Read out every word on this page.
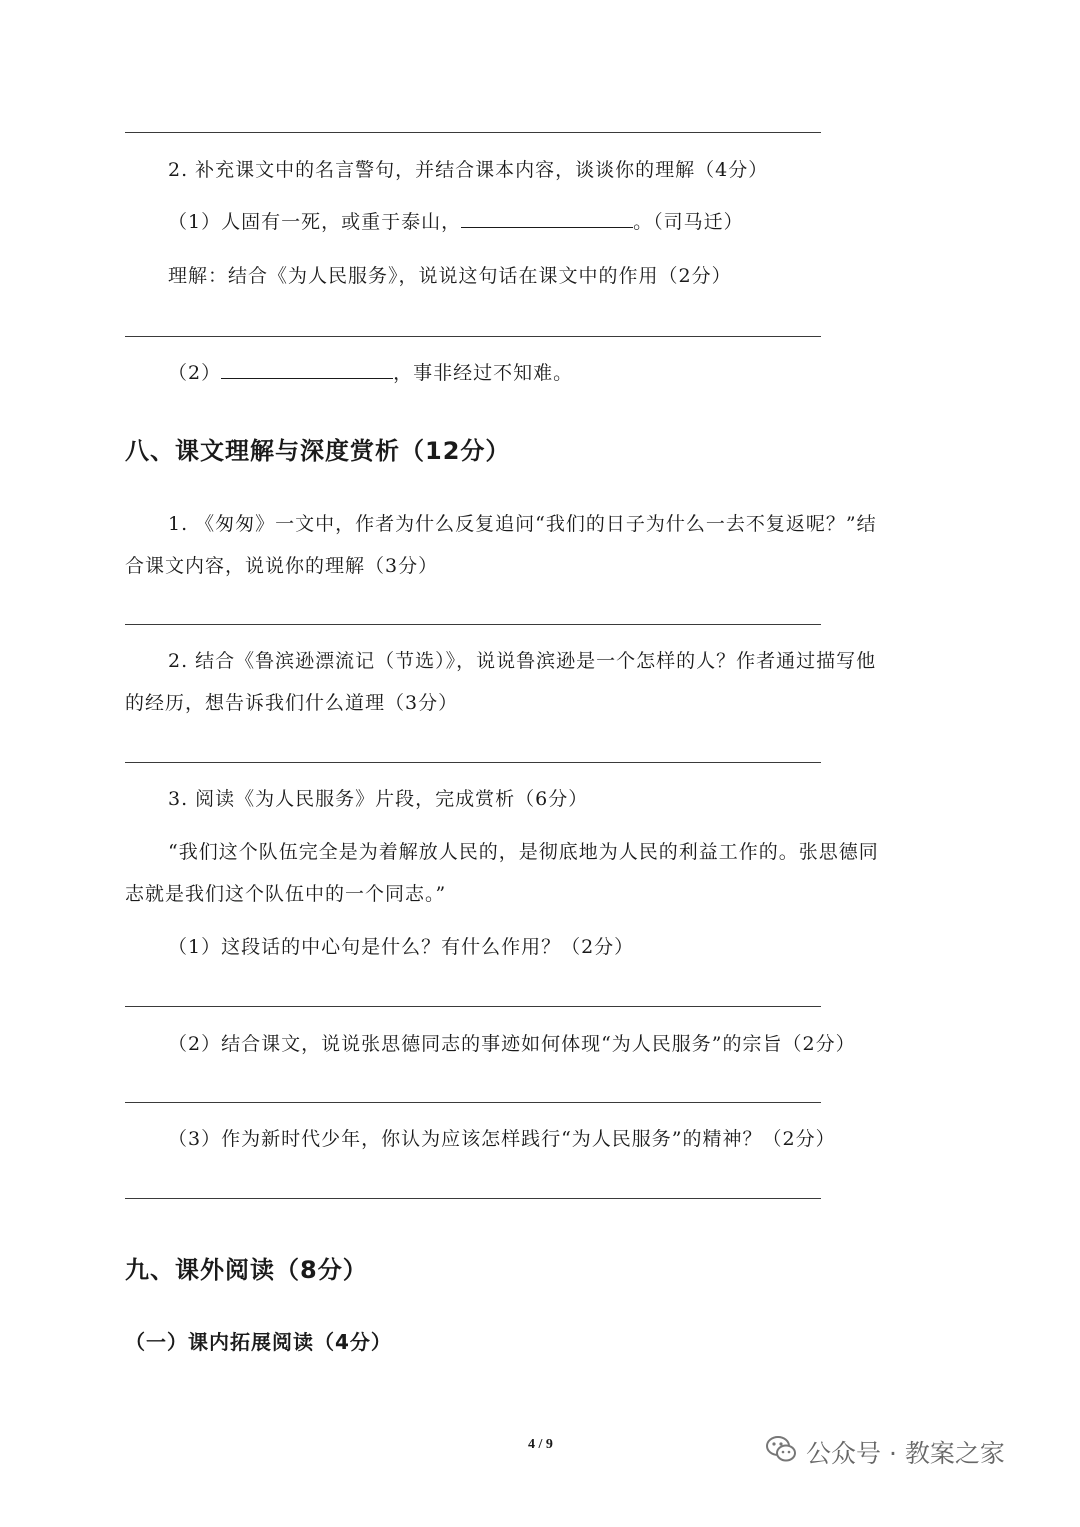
2. 补充课文中的名言警句，并结合课本内容，谈谈你的理解（4分）
（1）人固有一死，或重于泰山，	。（司马迁）
理解：结合《为人民服务》，说说这句话在课文中的作用（2分）
（2）	，事非经过不知难。
八、课文理解与深度赏析（12分）
1. 《匆匆》一文中，作者为什么反复追问“我们的日子为什么一去不复返呢？”结
合课文内容，说说你的理解（3分）
2. 结合《鲁滨逊漂流记（节选）》，说说鲁滨逊是一个怎样的人？作者通过描写他
的经历，想告诉我们什么道理（3分）
3. 阅读《为人民服务》片段，完成赏析（6分）
“我们这个队伍完全是为着解放人民的，是彻底地为人民的利益工作的。张思德同
志就是我们这个队伍中的一个同志。”
（1）这段话的中心句是什么？有什么作用？（2分）
（2）结合课文，说说张思德同志的事迹如何体现“为人民服务”的宗旨（2分）
（3）作为新时代少年，你认为应该怎样践行“为人民服务”的精神？（2分）
九、课外阅读（8分）
（一）课内拓展阅读（4分）
4 / 9	公众号 · 教案之家
